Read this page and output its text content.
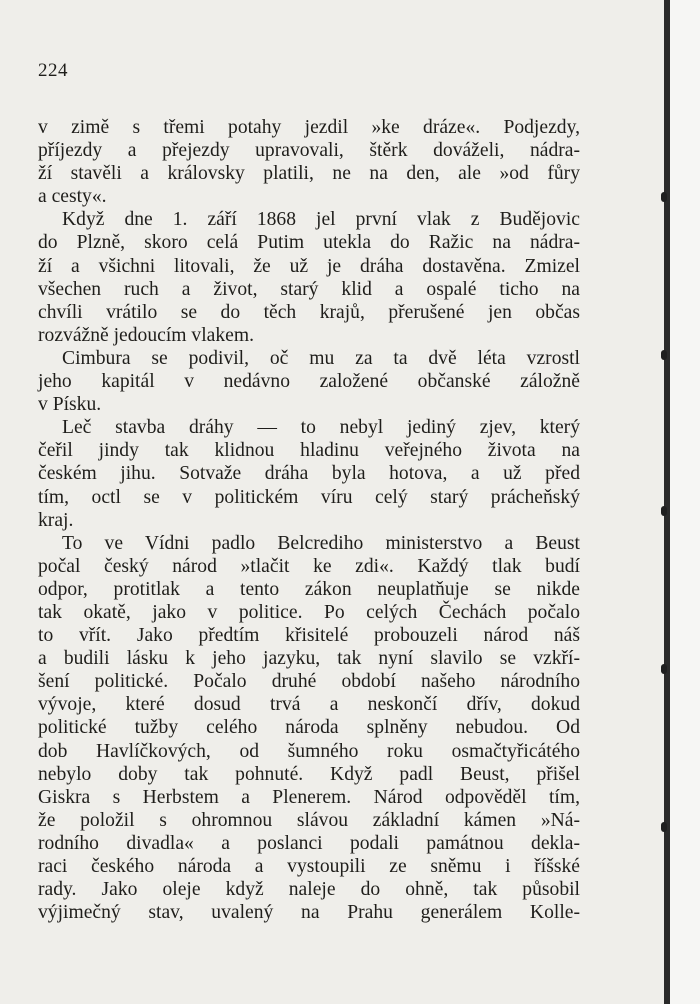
224
v zimě s třemi potahy jezdil »ke dráze«. Podjezdy,
příjezdy a přejezdy upravovali, štěrk dováželi, nádra-
ží stavěli a královsky platili, ne na den, ale »od fůry
a cesty«.
Když dne 1. září 1868 jel první vlak z Budějovic
do Plzně, skoro celá Putim utekla do Ražic na nádra-
ží a všichni litovali, že už je dráha dostavěna. Zmizel
všechen ruch a život, starý klid a ospalé ticho na
chvíli vrátilo se do těch krajů, přerušené jen občas
rozvážně jedoucím vlakem.
Cimbura se podivil, oč mu za ta dvě léta vzrostl
jeho kapitál v nedávno založené občanské záložně
v Písku.
Leč stavba dráhy — to nebyl jediný zjev, který
čeřil jindy tak klidnou hladinu veřejného života na
českém jihu. Sotvaže dráha byla hotova, a už před
tím, octl se v politickém víru celý starý prácheňský
kraj.
To ve Vídni padlo Belcrediho ministerstvo a Beust
počal český národ »tlačit ke zdi«. Každý tlak budí
odpor, protitlak a tento zákon neuplatňuje se nikde
tak okatě, jako v politice. Po celých Čechách počalo
to vřít. Jako předtím křisitelé probouzeli národ náš
a budili lásku k jeho jazyku, tak nyní slavilo se vzkří-
šení politické. Počalo druhé období našeho národního
vývoje, které dosud trvá a neskončí dřív, dokud
politické tužby celého národa splněny nebudou. Od
dob Havlíčkových, od šumného roku osmačtyřicátého
nebylo doby tak pohnuté. Když padl Beust, přišel
Giskra s Herbstem a Plenerem. Národ odpověděl tím,
že položil s ohromnou slávou základní kámen »Ná-
rodního divadla« a poslanci podali památnou dekla-
raci českého národa a vystoupili ze sněmu i říšské
rady. Jako oleje když naleje do ohně, tak působil
výjimečný stav, uvalený na Prahu generálem Kolle-
